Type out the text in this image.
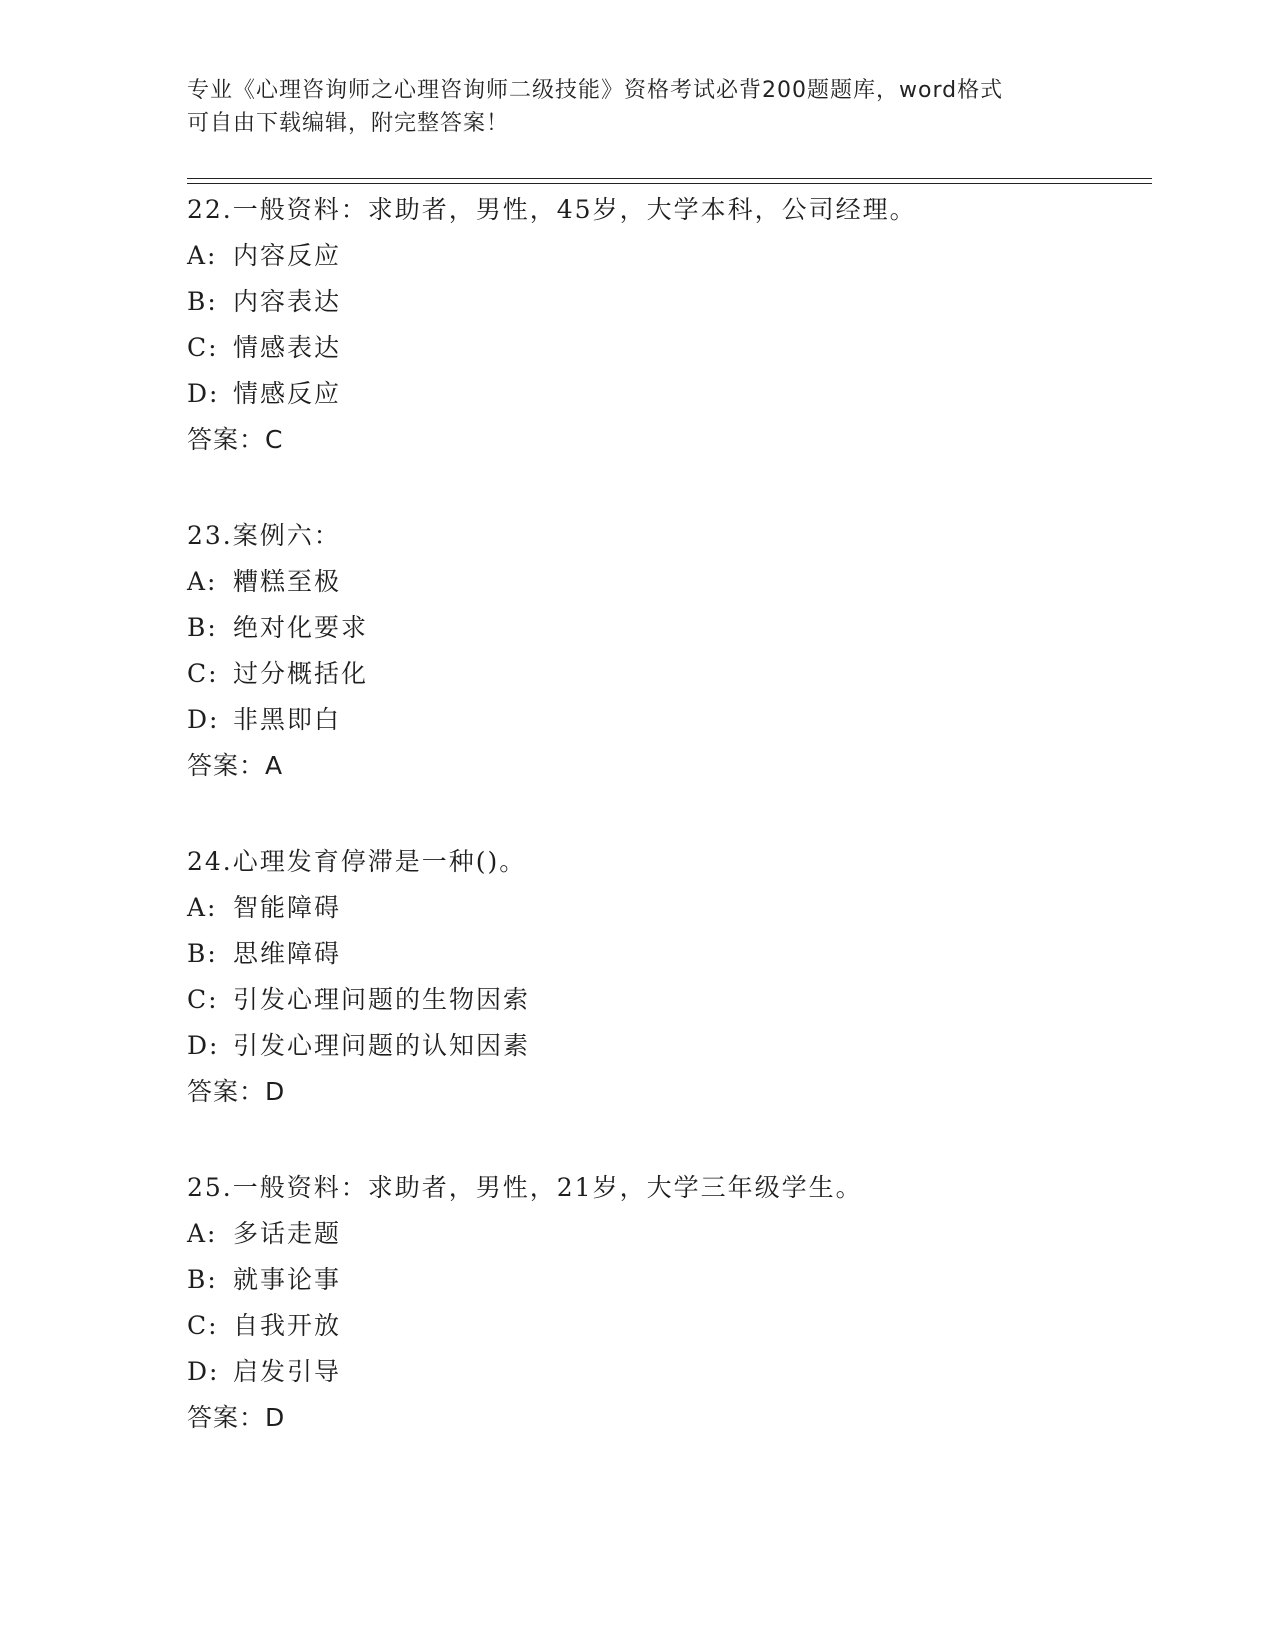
专业《心理咨询师之心理咨询师二级技能》资格考试必背200题题库，word格式
可自由下载编辑，附完整答案！
22.一般资料：求助者，男性，45岁，大学本科，公司经理。
A: 内容反应
B: 内容表达
C: 情感表达
D: 情感反应
答案：C
23.案例六：
A: 糟糕至极
B: 绝对化要求
C: 过分概括化
D: 非黑即白
答案：A
24.心理发育停滞是一种()。
A: 智能障碍
B: 思维障碍
C: 引发心理问题的生物因索
D: 引发心理问题的认知因素
答案：D
25.一般资料：求助者，男性，21岁，大学三年级学生。
A: 多话走题
B: 就事论事
C: 自我开放
D: 启发引导
答案：D
